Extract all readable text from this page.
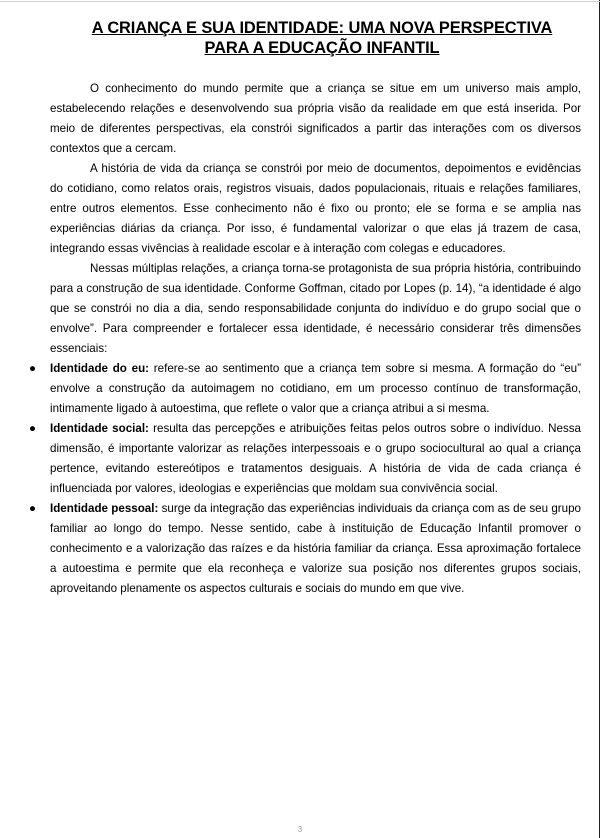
A CRIANÇA E SUA IDENTIDADE: UMA NOVA PERSPECTIVA
PARA A EDUCAÇÃO INFANTIL

O conhecimento do mundo permite que a criança se situe em um universo mais amplo, estabelecendo relações e desenvolvendo sua própria visão da realidade em que está inserida. Por meio de diferentes perspectivas, ela constrói significados a partir das interações com os diversos contextos que a cercam.

A história de vida da criança se constrói por meio de documentos, depoimentos e evidências do cotidiano, como relatos orais, registros visuais, dados populacionais, rituais e relações familiares, entre outros elementos. Esse conhecimento não é fixo ou pronto; ele se forma e se amplia nas experiências diárias da criança. Por isso, é fundamental valorizar o que elas já trazem de casa, integrando essas vivências à realidade escolar e à interação com colegas e educadores.

Nessas múltiplas relações, a criança torna-se protagonista de sua própria história, contribuindo para a construção de sua identidade. Conforme Goffman, citado por Lopes (p. 14), “a identidade é algo que se constrói no dia a dia, sendo responsabilidade conjunta do indivíduo e do grupo social que o envolve”. Para compreender e fortalecer essa identidade, é necessário considerar três dimensões essenciais:

● Identidade do eu: refere-se ao sentimento que a criança tem sobre si mesma. A formação do “eu” envolve a construção da autoimagem no cotidiano, em um processo contínuo de transformação, intimamente ligado à autoestima, que reflete o valor que a criança atribui a si mesma.
● Identidade social: resulta das percepções e atribuições feitas pelos outros sobre o indivíduo. Nessa dimensão, é importante valorizar as relações interpessoais e o grupo sociocultural ao qual a criança pertence, evitando estereótipos e tratamentos desiguais. A história de vida de cada criança é influenciada por valores, ideologias e experiências que moldam sua convivência social.
● Identidade pessoal: surge da integração das experiências individuais da criança com as de seu grupo familiar ao longo do tempo. Nesse sentido, cabe à instituição de Educação Infantil promover o conhecimento e a valorização das raízes e da história familiar da criança. Essa aproximação fortalece a autoestima e permite que ela reconheça e valorize sua posição nos diferentes grupos sociais, aproveitando plenamente os aspectos culturais e sociais do mundo em que vive.
3
